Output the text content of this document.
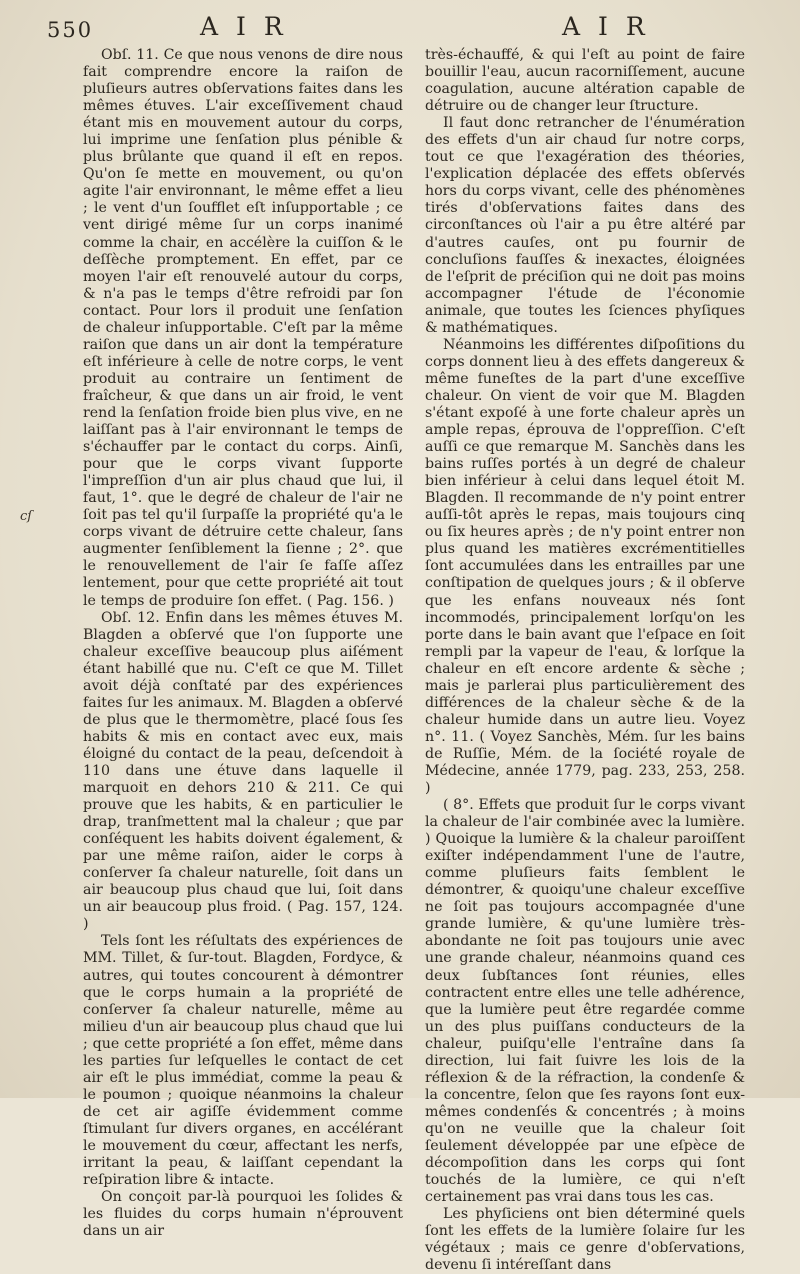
550	A I R	A I R
cſ

Obſ. 11. Ce que nous venons de dire nous fait comprendre encore la raiſon de pluſieurs autres obſervations faites dans les mêmes étuves. L'air exceſſivement chaud étant mis en mouvement autour du corps, lui imprime une ſenſation plus pénible & plus brûlante que quand il eſt en repos. Qu'on ſe mette en mouvement, ou qu'on agite l'air environnant, le même effet a lieu ; le vent d'un ſoufflet eſt inſupportable ; ce vent dirigé même ſur un corps inanimé comme la chair, en accélère la cuiſſon & le deſſèche promptement. En effet, par ce moyen l'air eſt renouvelé autour du corps, & n'a pas le temps d'être refroidi par ſon contact. Pour lors il produit une ſenſation de chaleur inſupportable. C'eſt par la même raiſon que dans un air dont la température eſt inférieure à celle de notre corps, le vent produit au contraire un ſentiment de fraîcheur, & que dans un air froid, le vent rend la ſenſation froide bien plus vive, en ne laiſſant pas à l'air environnant le temps de s'échauffer par le contact du corps. Ainſi, pour que le corps vivant ſupporte l'impreſſion d'un air plus chaud que lui, il faut, 1°. que le degré de chaleur de l'air ne ſoit pas tel qu'il ſurpaſſe la propriété qu'a le corps vivant de détruire cette chaleur, ſans augmenter ſenſiblement la ſienne ; 2°. que le renouvellement de l'air ſe faſſe aſſez lentement, pour que cette propriété ait tout le temps de produire ſon effet. ( Pag. 156. )

Obſ. 12. Enfin dans les mêmes étuves M. Blagden a obſervé que l'on ſupporte une chaleur exceſſive beaucoup plus aiſément étant habillé que nu. C'eſt ce que M. Tillet avoit déjà conſtaté par des expériences faites ſur les animaux. M. Blagden a obſervé de plus que le thermomètre, placé ſous ſes habits & mis en contact avec eux, mais éloigné du contact de la peau, deſcendoit à 110 dans une étuve dans laquelle il marquoit en dehors 210 & 211. Ce qui prouve que les habits, & en particulier le drap, tranſmettent mal la chaleur ; que par conſéquent les habits doivent également, & par une même raiſon, aider le corps à conſerver ſa chaleur naturelle, ſoit dans un air beaucoup plus chaud que lui, ſoit dans un air beaucoup plus froid. ( Pag. 157, 124. )

Tels ſont les réſultats des expériences de MM. Tillet, & ſur-tout. Blagden, Fordyce, & autres, qui toutes concourent à démontrer que le corps humain a la propriété de conſerver ſa chaleur naturelle, même au milieu d'un air beaucoup plus chaud que lui ; que cette propriété a ſon effet, même dans les parties ſur leſquelles le contact de cet air eſt le plus immédiat, comme la peau & le poumon ; quoique néanmoins la chaleur de cet air agiſſe évidemment comme ſtimulant ſur divers organes, en accélérant le mouvement du cœur, affectant les nerfs, irritant la peau, & laiſſant cependant la reſpiration libre & intacte.

On conçoit par-là pourquoi les ſolides & les fluides du corps humain n'éprouvent dans un air

très-échauffé, & qui l'eſt au point de faire bouillir l'eau, aucun racorniſſement, aucune coagulation, aucune altération capable de détruire ou de changer leur ſtructure.

Il faut donc retrancher de l'énumération des effets d'un air chaud ſur notre corps, tout ce que l'exagération des théories, l'explication déplacée des effets obſervés hors du corps vivant, celle des phénomènes tirés d'obſervations faites dans des circonſtances où l'air a pu être altéré par d'autres cauſes, ont pu fournir de concluſions fauſſes & inexactes, éloignées de l'eſprit de préciſion qui ne doit pas moins accompagner l'étude de l'économie animale, que toutes les ſciences phyſiques & mathématiques.

Néanmoins les différentes diſpoſitions du corps donnent lieu à des effets dangereux & même funeſtes de la part d'une exceſſive chaleur. On vient de voir que M. Blagden s'étant expoſé à une forte chaleur après un ample repas, éprouva de l'oppreſſion. C'eſt auſſi ce que remarque M. Sanchès dans les bains ruſſes portés à un degré de chaleur bien inférieur à celui dans lequel étoit M. Blagden. Il recommande de n'y point entrer auſſi-tôt après le repas, mais toujours cinq ou ſix heures après ; de n'y point entrer non plus quand les matières excrémentitielles ſont accumulées dans les entrailles par une conſtipation de quelques jours ; & il obſerve que les enfans nouveaux nés ſont incommodés, principalement lorſqu'on les porte dans le bain avant que l'eſpace en ſoit rempli par la vapeur de l'eau, & lorſque la chaleur en eſt encore ardente & sèche ; mais je parlerai plus particulièrement des différences de la chaleur sèche & de la chaleur humide dans un autre lieu. Voyez n°. 11. ( Voyez Sanchès, Mém. ſur les bains de Ruſſie, Mém. de la ſociété royale de Médecine, année 1779, pag. 233, 253, 258. )

( 8°. Effets que produit ſur le corps vivant la chaleur de l'air combinée avec la lumière. ) Quoique la lumière & la chaleur paroiſſent exiſter indépendamment l'une de l'autre, comme pluſieurs faits ſemblent le démontrer, & quoiqu'une chaleur exceſſive ne ſoit pas toujours accompagnée d'une grande lumière, & qu'une lumière très-abondante ne ſoit pas toujours unie avec une grande chaleur, néanmoins quand ces deux ſubſtances ſont réunies, elles contractent entre elles une telle adhérence, que la lumière peut être regardée comme un des plus puiſſans conducteurs de la chaleur, puiſqu'elle l'entraîne dans ſa direction, lui fait ſuivre les lois de la réflexion & de la réfraction, la condenſe & la concentre, ſelon que ſes rayons ſont eux-mêmes condenſés & concentrés ; à moins qu'on ne veuille que la chaleur ſoit ſeulement développée par une eſpèce de décompoſition dans les corps qui ſont touchés de la lumière, ce qui n'eſt certainement pas vrai dans tous les cas.

Les phyſiciens ont bien déterminé quels ſont les effets de la lumière ſolaire ſur les végétaux ; mais ce genre d'obſervations, devenu ſi intéreſſant dans
